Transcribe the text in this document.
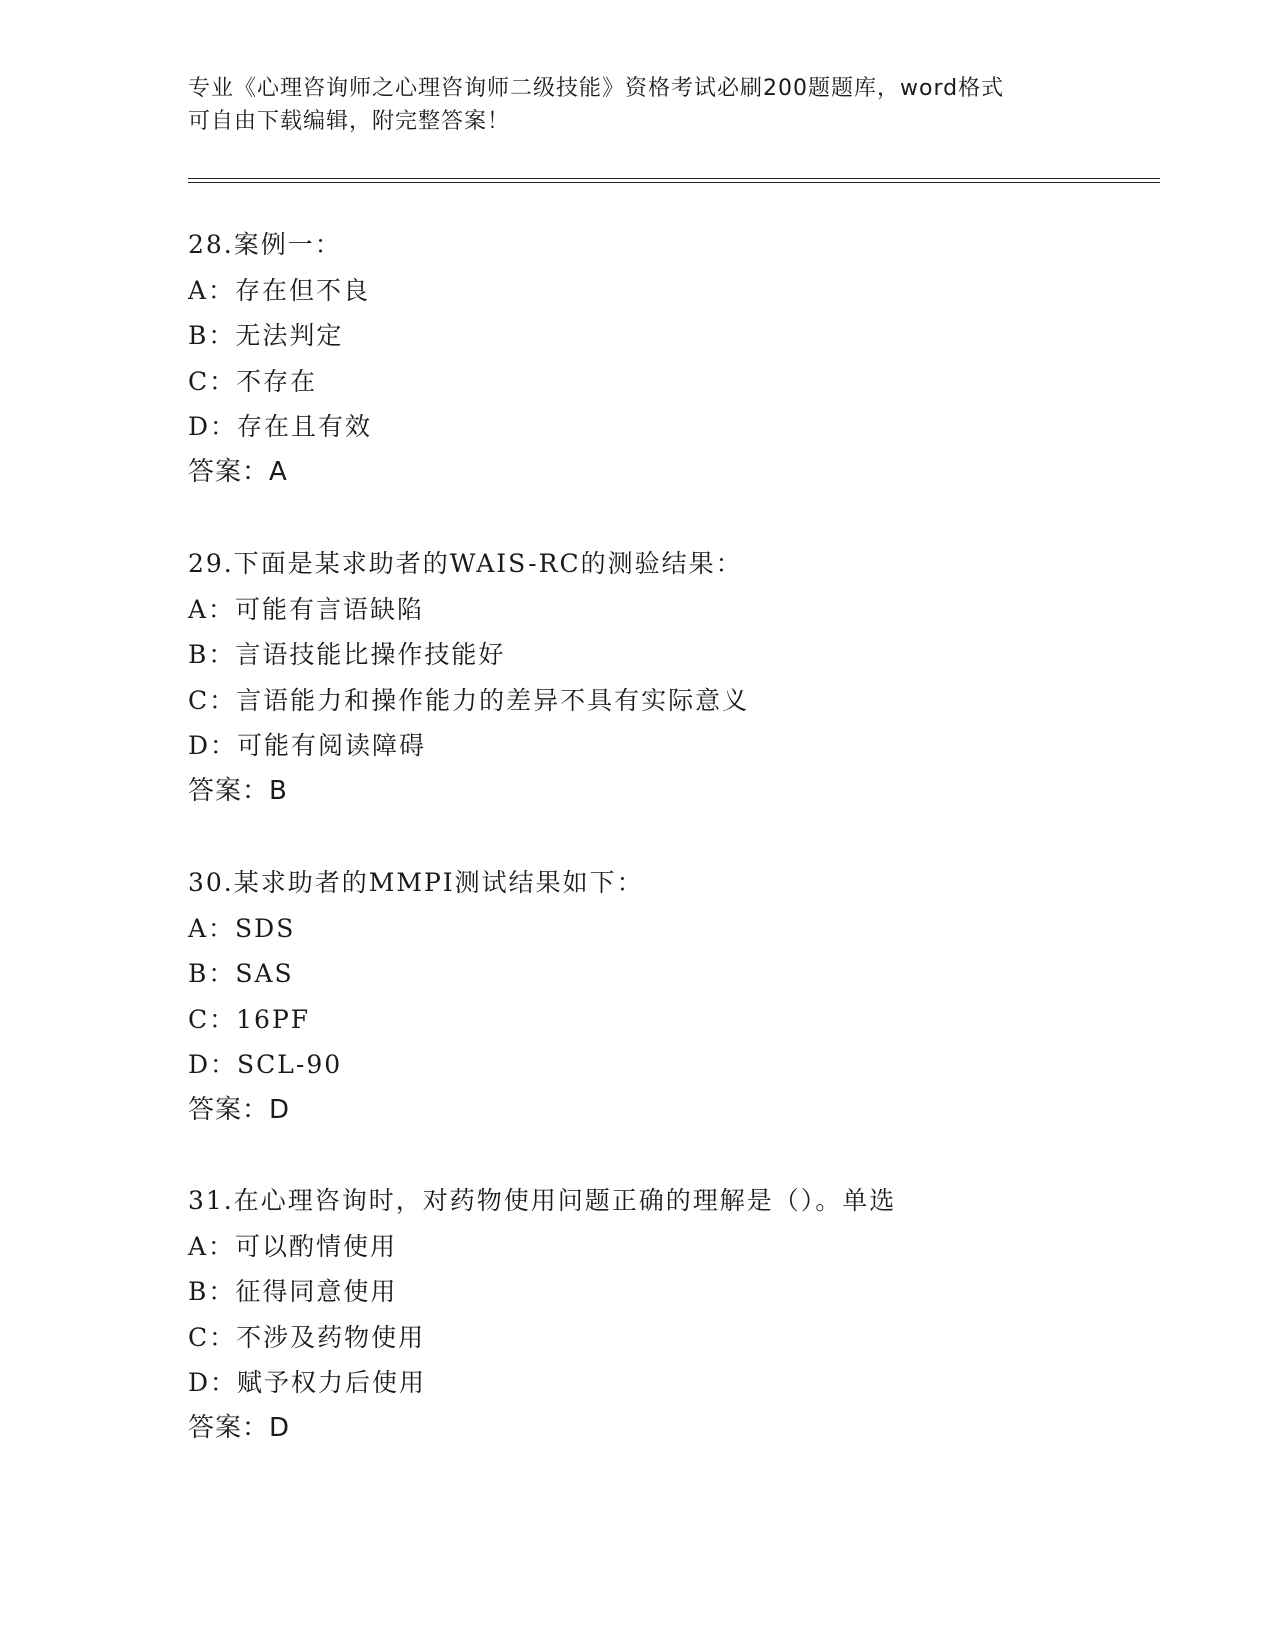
专业《心理咨询师之心理咨询师二级技能》资格考试必刷200题题库，word格式
可自由下载编辑，附完整答案！
28.案例一：
A：存在但不良
B：无法判定
C：不存在
D：存在且有效
答案：A
29.下面是某求助者的WAIS-RC的测验结果：
A：可能有言语缺陷
B：言语技能比操作技能好
C：言语能力和操作能力的差异不具有实际意义
D：可能有阅读障碍
答案：B
30.某求助者的MMPI测试结果如下：
A：SDS
B：SAS
C：16PF
D：SCL-90
答案：D
31.在心理咨询时，对药物使用问题正确的理解是（）。单选
A：可以酌情使用
B：征得同意使用
C：不涉及药物使用
D：赋予权力后使用
答案：D
